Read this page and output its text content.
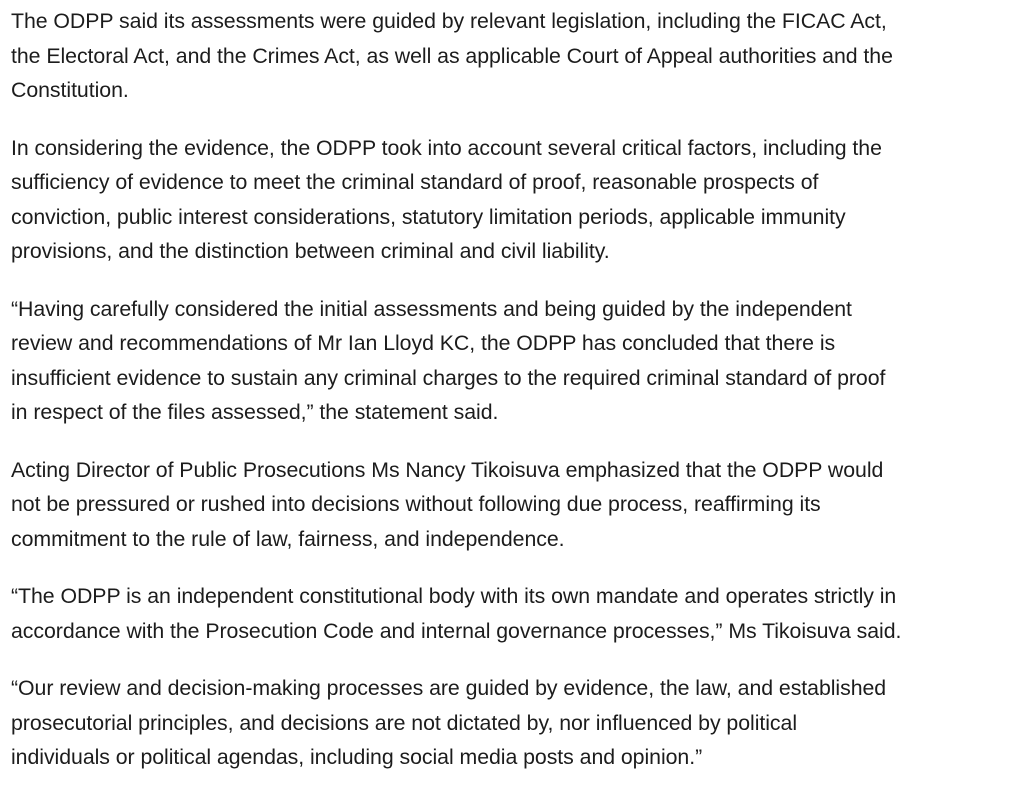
The ODPP said its assessments were guided by relevant legislation, including the FICAC Act,
the Electoral Act, and the Crimes Act, as well as applicable Court of Appeal authorities and the
Constitution.

In considering the evidence, the ODPP took into account several critical factors, including the
sufficiency of evidence to meet the criminal standard of proof, reasonable prospects of
conviction, public interest considerations, statutory limitation periods, applicable immunity
provisions, and the distinction between criminal and civil liability.

“Having carefully considered the initial assessments and being guided by the independent
review and recommendations of Mr Ian Lloyd KC, the ODPP has concluded that there is
insufficient evidence to sustain any criminal charges to the required criminal standard of proof
in respect of the files assessed,” the statement said.

Acting Director of Public Prosecutions Ms Nancy Tikoisuva emphasized that the ODPP would
not be pressured or rushed into decisions without following due process, reaffirming its
commitment to the rule of law, fairness, and independence.

“The ODPP is an independent constitutional body with its own mandate and operates strictly in
accordance with the Prosecution Code and internal governance processes,” Ms Tikoisuva said.

“Our review and decision-making processes are guided by evidence, the law, and established
prosecutorial principles, and decisions are not dictated by, nor influenced by political
individuals or political agendas, including social media posts and opinion.”
